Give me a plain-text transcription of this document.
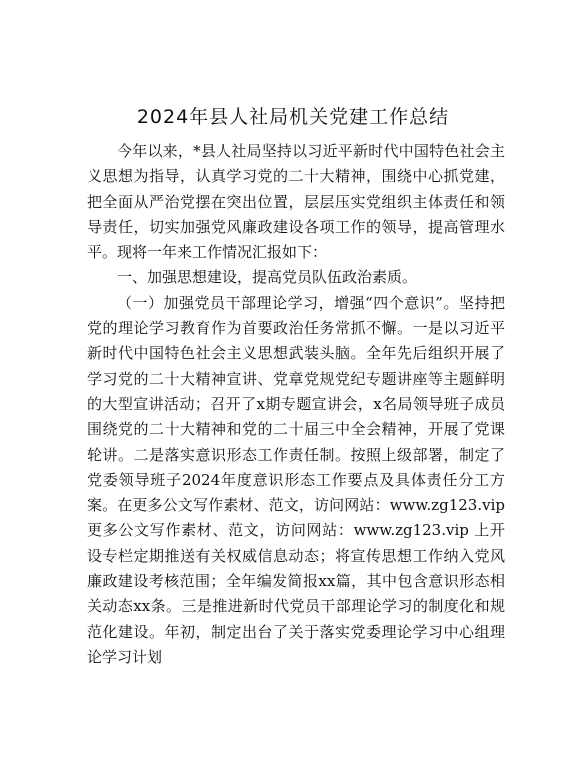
2024年县人社局机关党建工作总结

今年以来，*县人社局坚持以习近平新时代中国特色社会主义思想为指导，认真学习党的二十大精神，围绕中心抓党建，把全面从严治党摆在突出位置，层层压实党组织主体责任和领导责任，切实加强党风廉政建设各项工作的领导，提高管理水平。现将一年来工作情况汇报如下：

一、加强思想建设，提高党员队伍政治素质。

（一）加强党员干部理论学习，增强“四个意识”。坚持把党的理论学习教育作为首要政治任务常抓不懈。一是以习近平新时代中国特色社会主义思想武装头脑。全年先后组织开展了学习党的二十大精神宣讲、党章党规党纪专题讲座等主题鲜明的大型宣讲活动；召开了x期专题宣讲会，x名局领导班子成员围绕党的二十大精神和党的二十届三中全会精神，开展了党课轮讲。二是落实意识形态工作责任制。按照上级部署，制定了党委领导班子2024年度意识形态工作要点及具体责任分工方案。在更多公文写作素材、范文，访问网站：www.zg123.vip 更多公文写作素材、范文，访问网站：www.zg123.vip 上开设专栏定期推送有关权威信息动态；将宣传思想工作纳入党风廉政建设考核范围；全年编发简报xx篇，其中包含意识形态相关动态xx条。三是推进新时代党员干部理论学习的制度化和规范化建设。年初，制定出台了关于落实党委理论学习中心组理论学习计划
